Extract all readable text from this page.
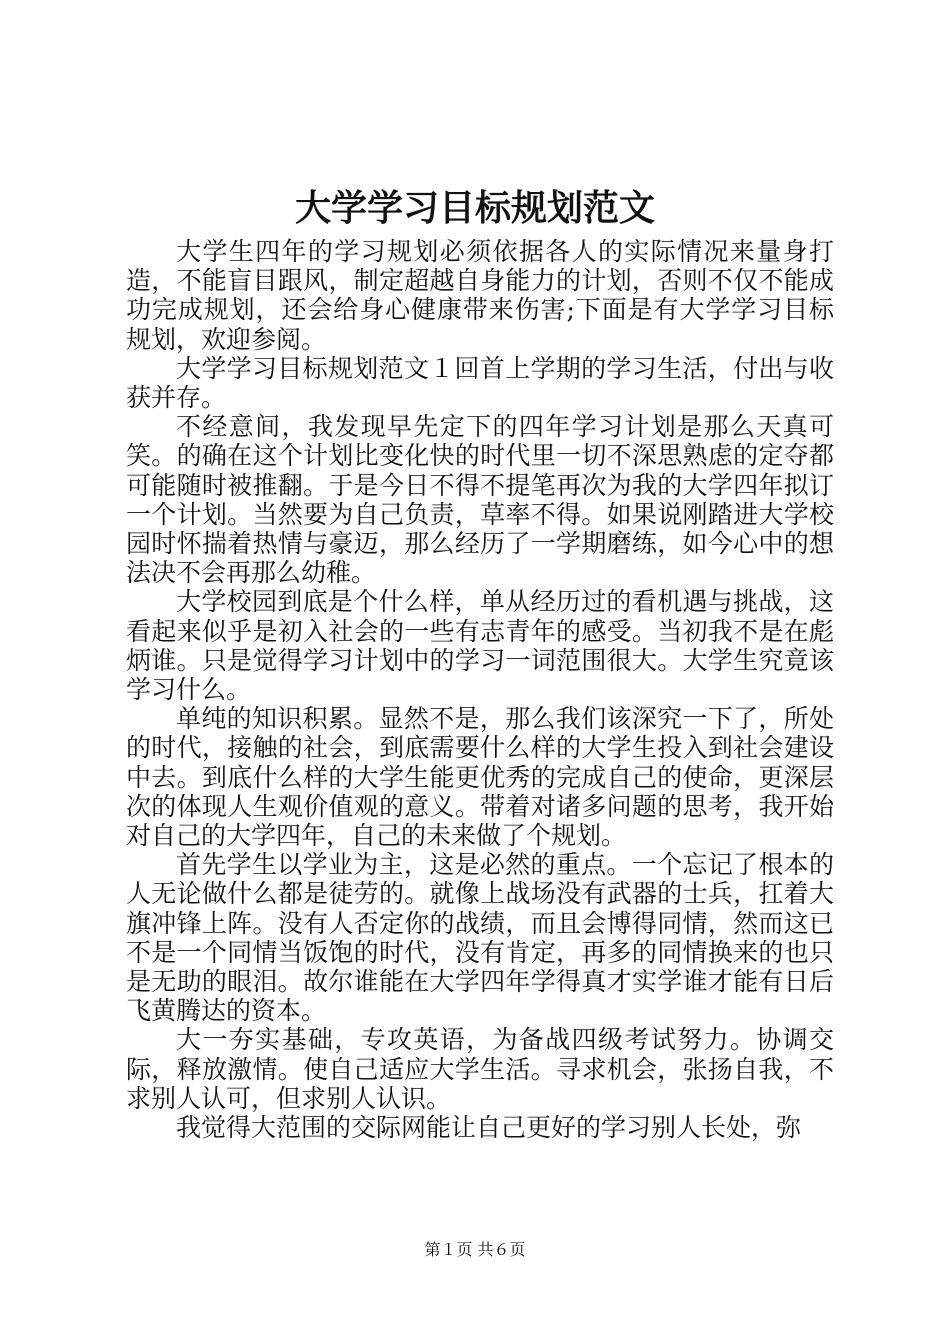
大学学习目标规划范文

大学生四年的学习规划必须依据各人的实际情况来量身打造，不能盲目跟风，制定超越自身能力的计划，否则不仅不能成功完成规划，还会给身心健康带来伤害;下面是有大学学习目标规划，欢迎参阅。

大学学习目标规划范文１回首上学期的学习生活，付出与收获并存。

不经意间，我发现早先定下的四年学习计划是那么天真可笑。的确在这个计划比变化快的时代里一切不深思熟虑的定夺都可能随时被推翻。于是今日不得不提笔再次为我的大学四年拟订一个计划。当然要为自己负责，草率不得。如果说刚踏进大学校园时怀揣着热情与豪迈，那么经历了一学期磨练，如今心中的想法决不会再那么幼稚。

大学校园到底是个什么样，单从经历过的看机遇与挑战，这看起来似乎是初入社会的一些有志青年的感受。当初我不是在彪炳谁。只是觉得学习计划中的学习一词范围很大。大学生究竟该学习什么。

单纯的知识积累。显然不是，那么我们该深究一下了，所处的时代，接触的社会，到底需要什么样的大学生投入到社会建设中去。到底什么样的大学生能更优秀的完成自己的使命，更深层次的体现人生观价值观的意义。带着对诸多问题的思考，我开始对自己的大学四年，自己的未来做了个规划。

首先学生以学业为主，这是必然的重点。一个忘记了根本的人无论做什么都是徒劳的。就像上战场没有武器的士兵，扛着大旗冲锋上阵。没有人否定你的战绩，而且会博得同情，然而这已不是一个同情当饭饱的时代，没有肯定，再多的同情换来的也只是无助的眼泪。故尔谁能在大学四年学得真才实学谁才能有日后飞黄腾达的资本。

大一夯实基础，专攻英语，为备战四级考试努力。协调交际，释放激情。使自己适应大学生活。寻求机会，张扬自我，不求别人认可，但求别人认识。

我觉得大范围的交际网能让自己更好的学习别人长处，弥

第１页 共６页
